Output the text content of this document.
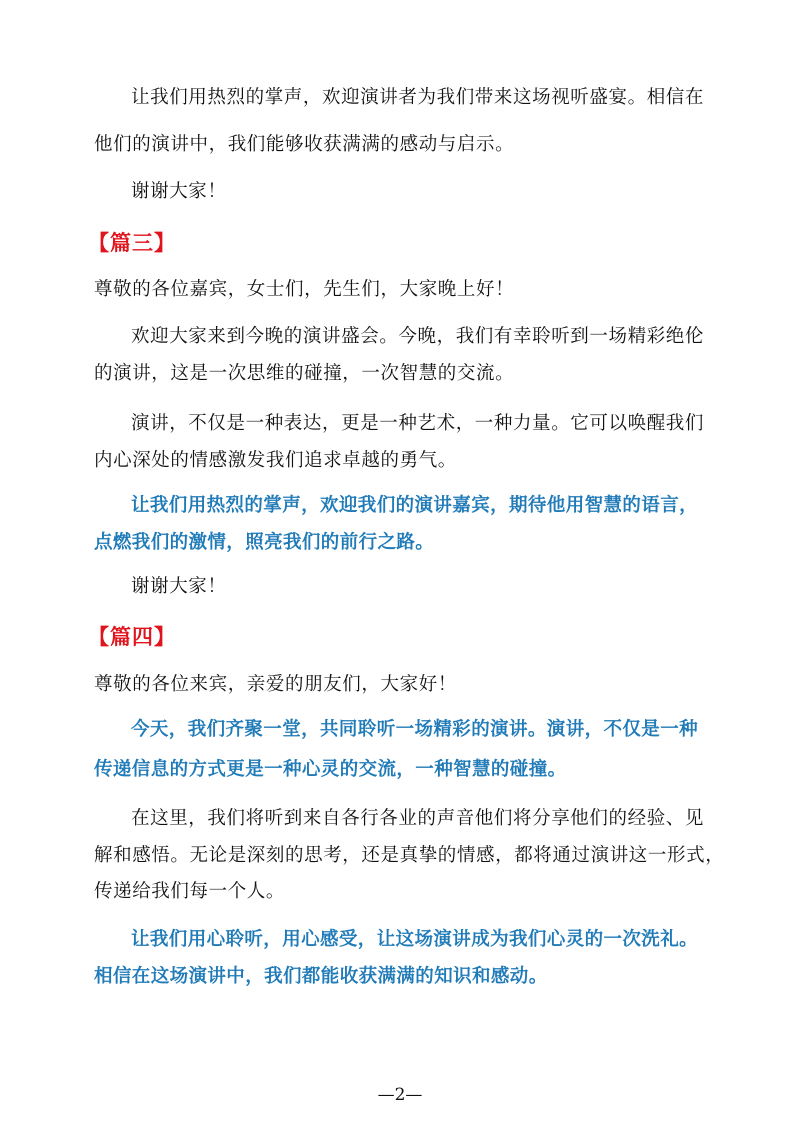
让我们用热烈的掌声，欢迎演讲者为我们带来这场视听盛宴。相信在
他们的演讲中，我们能够收获满满的感动与启示。
谢谢大家！
【篇三】
尊敬的各位嘉宾，女士们，先生们，大家晚上好！
欢迎大家来到今晚的演讲盛会。今晚，我们有幸聆听到一场精彩绝伦
的演讲，这是一次思维的碰撞，一次智慧的交流。
演讲，不仅是一种表达，更是一种艺术，一种力量。它可以唤醒我们
内心深处的情感激发我们追求卓越的勇气。
让我们用热烈的掌声，欢迎我们的演讲嘉宾，期待他用智慧的语言，
点燃我们的激情，照亮我们的前行之路。
谢谢大家！
【篇四】
尊敬的各位来宾，亲爱的朋友们，大家好！
今天，我们齐聚一堂，共同聆听一场精彩的演讲。演讲，不仅是一种
传递信息的方式更是一种心灵的交流，一种智慧的碰撞。
在这里，我们将听到来自各行各业的声音他们将分享他们的经验、见
解和感悟。无论是深刻的思考，还是真挚的情感，都将通过演讲这一形式，
传递给我们每一个人。
让我们用心聆听，用心感受，让这场演讲成为我们心灵的一次洗礼。
相信在这场演讲中，我们都能收获满满的知识和感动。
—2—
